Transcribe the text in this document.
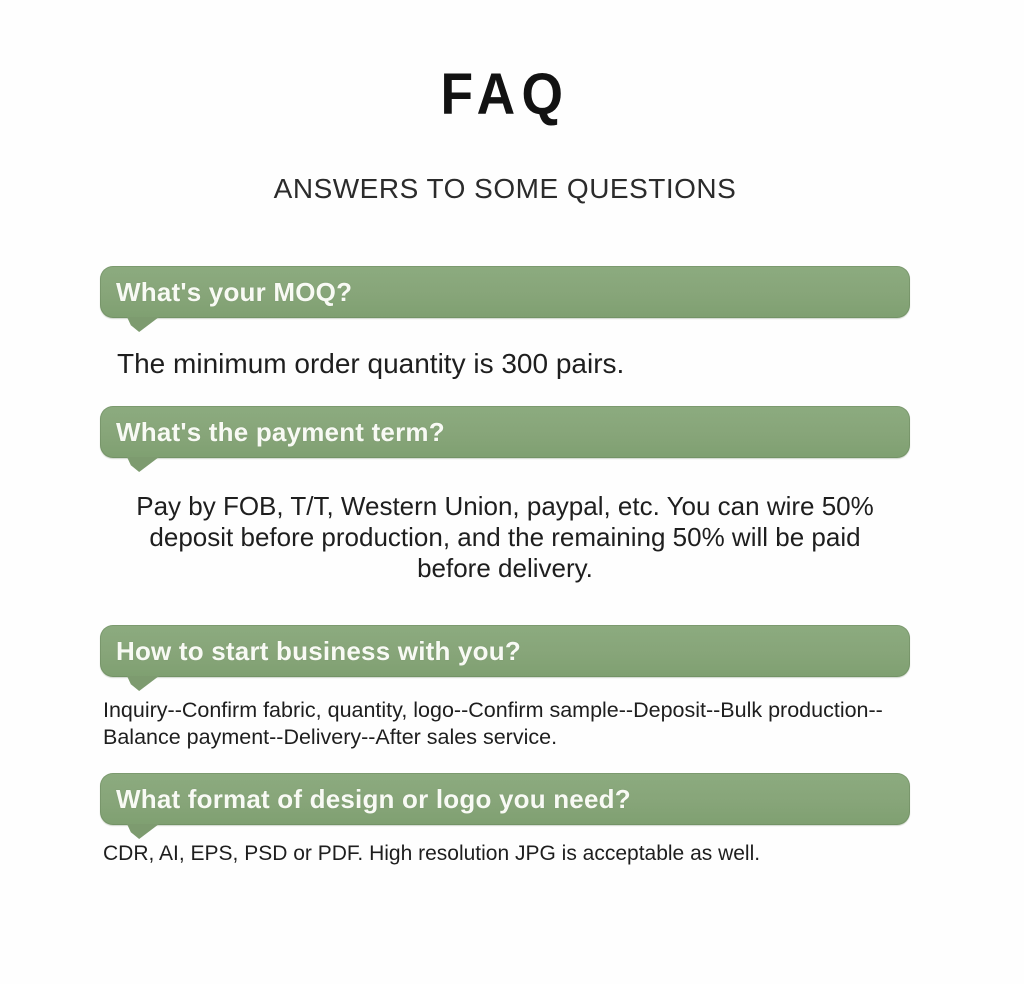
FAQ
ANSWERS TO SOME QUESTIONS
What's your MOQ?

The minimum order quantity is 300 pairs.

What's the payment term?

Pay by FOB, T/T, Western Union, paypal, etc. You can wire 50% deposit before production, and the remaining 50% will be paid before delivery.

How to start business with you?

Inquiry--Confirm fabric, quantity, logo--Confirm sample--Deposit--Bulk production--Balance payment--Delivery--After sales service.

What format of design or logo you need?

CDR, AI, EPS, PSD or PDF. High resolution JPG is acceptable as well.
